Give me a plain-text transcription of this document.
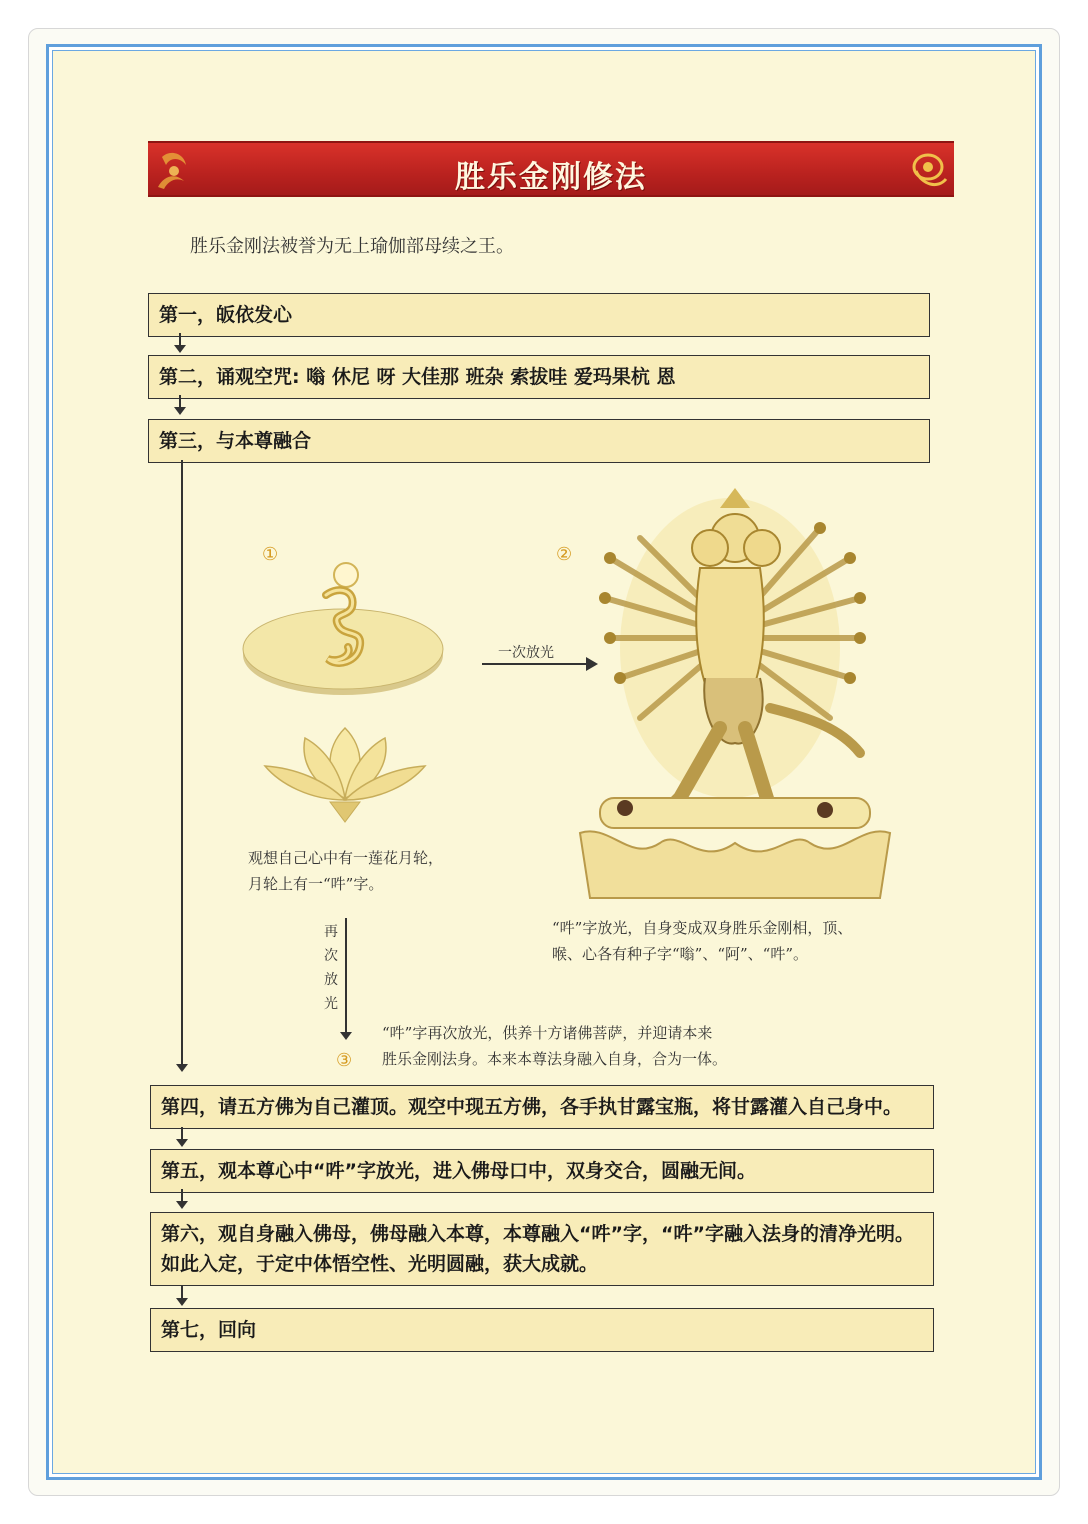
胜乐金刚修法
胜乐金刚法被誉为无上瑜伽部母续之王。
第一，皈依发心
第二，诵观空咒: 嗡 休尼 呀 大佳那 班杂 索拔哇 爱玛果杭 恩
第三，与本尊融合
①	②
一次放光
观想自己心中有一莲花月轮，
月轮上有一“吽”字。
“吽”字放光，自身变成双身胜乐金刚相，顶、
喉、心各有种子字“嗡”、“阿”、“吽”。
再
次
放
光
③
“吽”字再次放光，供养十方诸佛菩萨，并迎请本来
胜乐金刚法身。本来本尊法身融入自身，合为一体。
第四，请五方佛为自己灌顶。观空中现五方佛，各手执甘露宝瓶，将甘露灌入自己身中。
第五，观本尊心中“吽”字放光，进入佛母口中，双身交合，圆融无间。
第六，观自身融入佛母，佛母融入本尊，本尊融入“吽”字，“吽”字融入法身的清净光明。如此入定，于定中体悟空性、光明圆融，获大成就。
第七，回向
